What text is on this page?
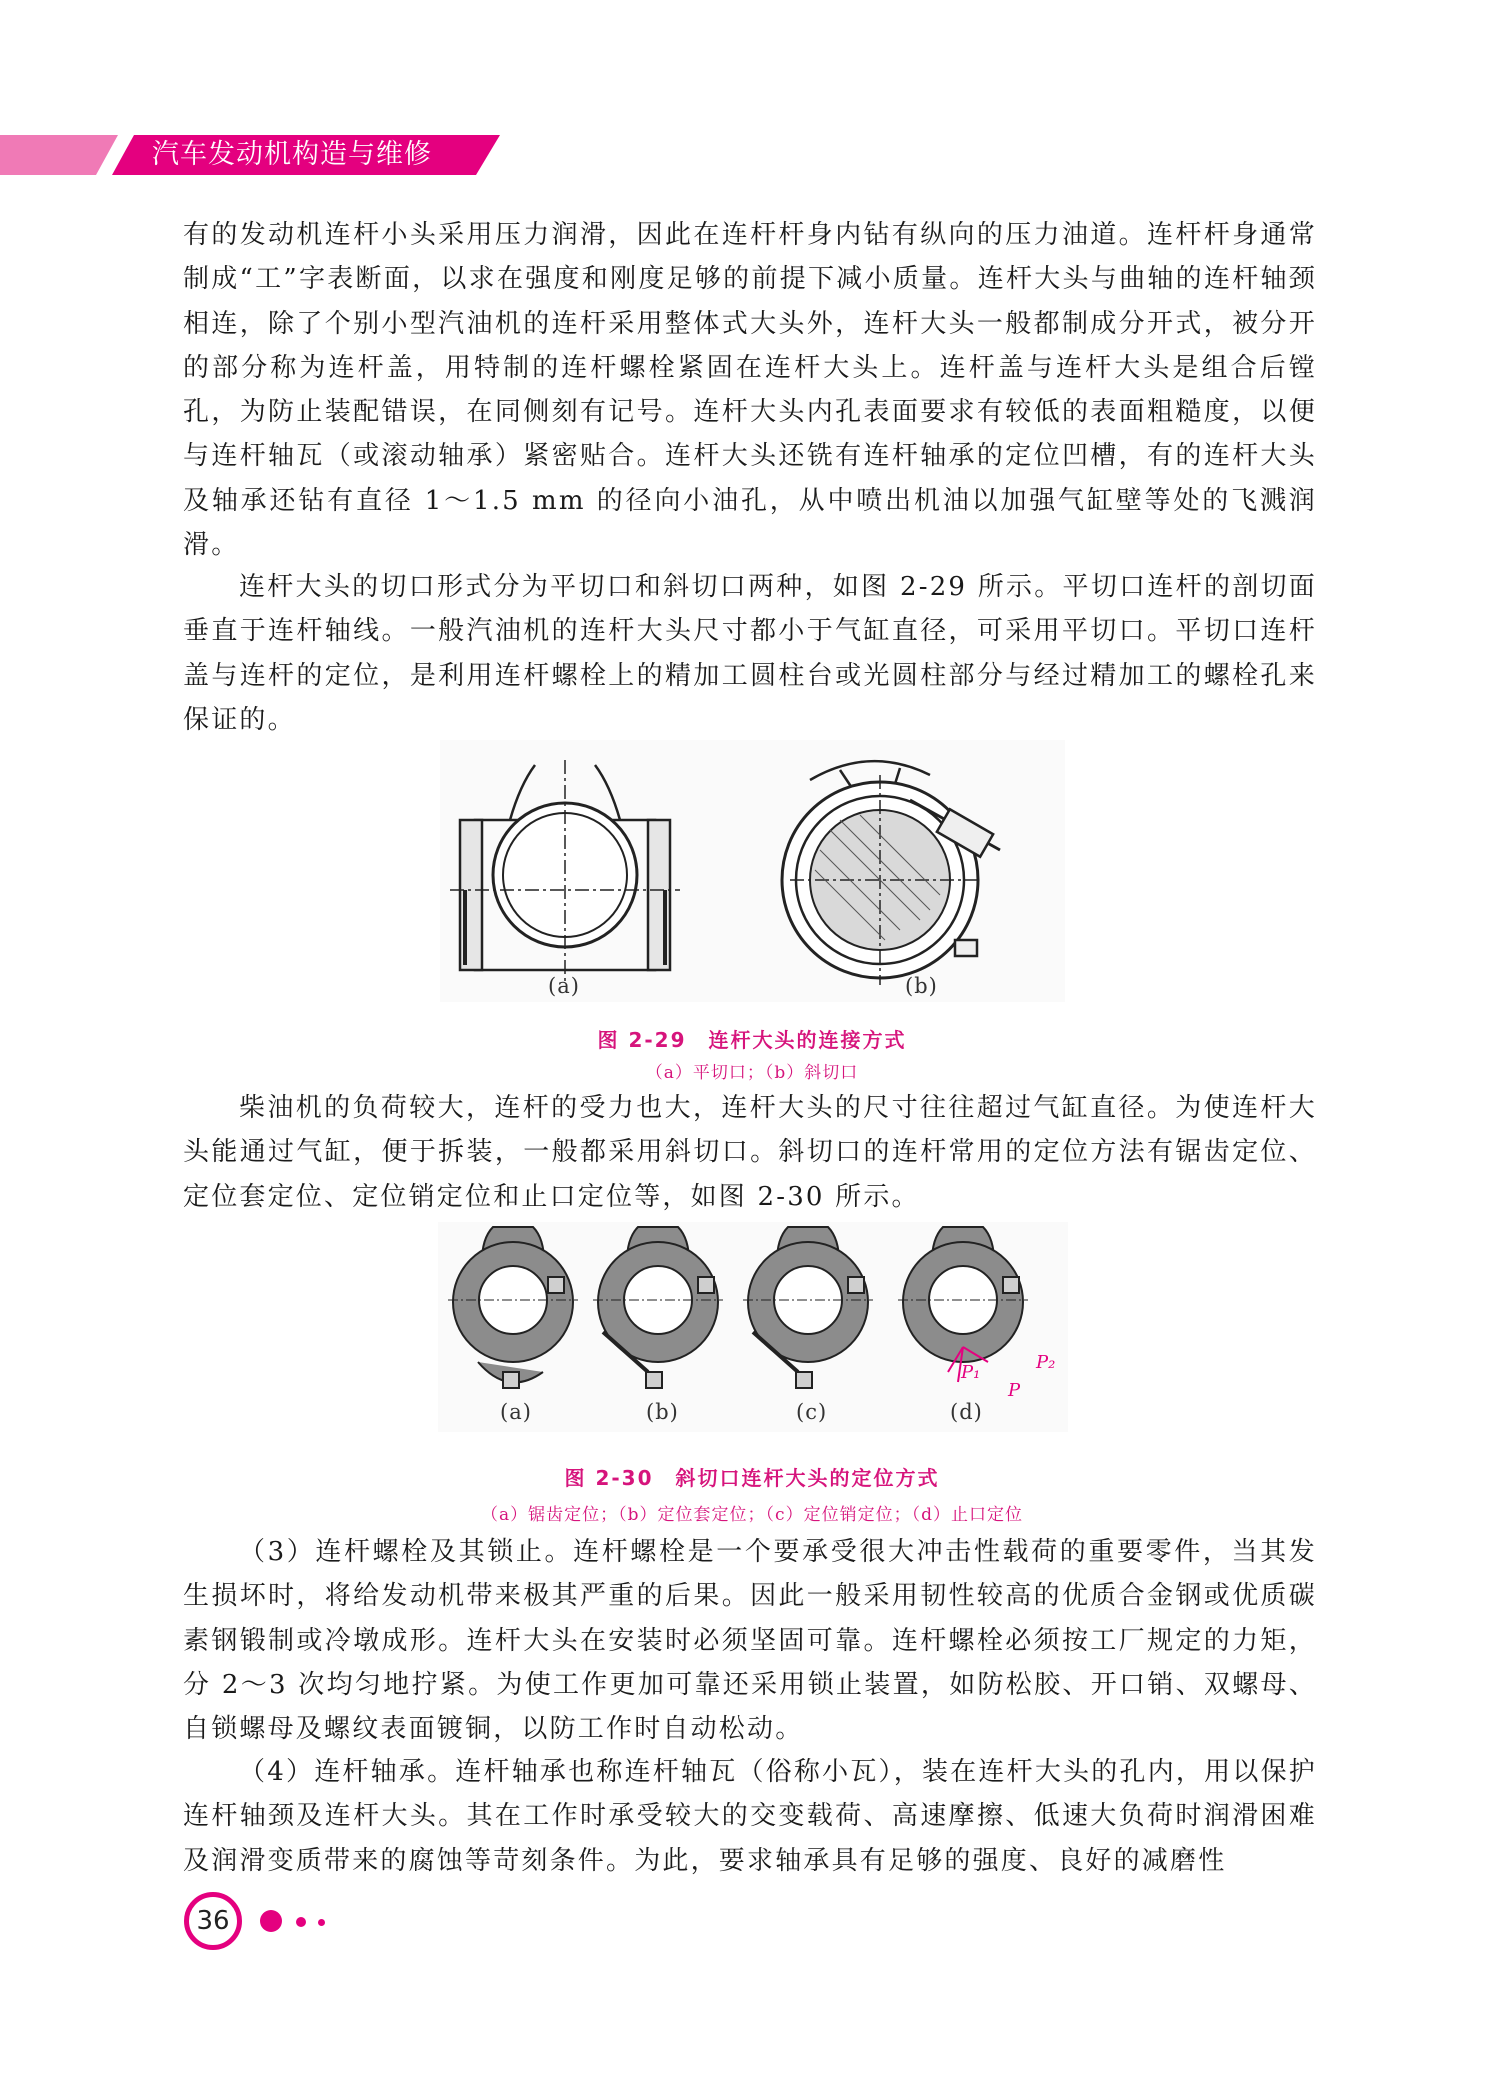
汽车发动机构造与维修

有的发动机连杆小头采用压力润滑，因此在连杆杆身内钻有纵向的压力油道。连杆杆身通常制成“工”字表断面，以求在强度和刚度足够的前提下减小质量。连杆大头与曲轴的连杆轴颈相连，除了个别小型汽油机的连杆采用整体式大头外，连杆大头一般都制成分开式，被分开的部分称为连杆盖，用特制的连杆螺栓紧固在连杆大头上。连杆盖与连杆大头是组合后镗孔，为防止装配错误，在同侧刻有记号。连杆大头内孔表面要求有较低的表面粗糙度，以便与连杆轴瓦（或滚动轴承）紧密贴合。连杆大头还铣有连杆轴承的定位凹槽，有的连杆大头及轴承还钻有直径 1～1.5 mm 的径向小油孔，从中喷出机油以加强气缸壁等处的飞溅润滑。

连杆大头的切口形式分为平切口和斜切口两种，如图 2-29 所示。平切口连杆的剖切面垂直于连杆轴线。一般汽油机的连杆大头尺寸都小于气缸直径，可采用平切口。平切口连杆盖与连杆的定位，是利用连杆螺栓上的精加工圆柱台或光圆柱部分与经过精加工的螺栓孔来保证的。

(a)	(b)
图 2-29　连杆大头的连接方式
（a）平切口；（b）斜切口

柴油机的负荷较大，连杆的受力也大，连杆大头的尺寸往往超过气缸直径。为使连杆大头能通过气缸，便于拆装，一般都采用斜切口。斜切口的连杆常用的定位方法有锯齿定位、定位套定位、定位销定位和止口定位等，如图 2-30 所示。

P₁	P₂
P
(a)	(b)	(c)	(d)
图 2-30　斜切口连杆大头的定位方式
（a）锯齿定位；（b）定位套定位；（c）定位销定位；（d）止口定位

（3）连杆螺栓及其锁止。连杆螺栓是一个要承受很大冲击性载荷的重要零件，当其发生损坏时，将给发动机带来极其严重的后果。因此一般采用韧性较高的优质合金钢或优质碳素钢锻制或冷墩成形。连杆大头在安装时必须坚固可靠。连杆螺栓必须按工厂规定的力矩，分 2～3 次均匀地拧紧。为使工作更加可靠还采用锁止装置，如防松胶、开口销、双螺母、自锁螺母及螺纹表面镀铜，以防工作时自动松动。

（4）连杆轴承。连杆轴承也称连杆轴瓦（俗称小瓦），装在连杆大头的孔内，用以保护连杆轴颈及连杆大头。其在工作时承受较大的交变载荷、高速摩擦、低速大负荷时润滑困难及润滑变质带来的腐蚀等苛刻条件。为此，要求轴承具有足够的强度、良好的减磨性

36
